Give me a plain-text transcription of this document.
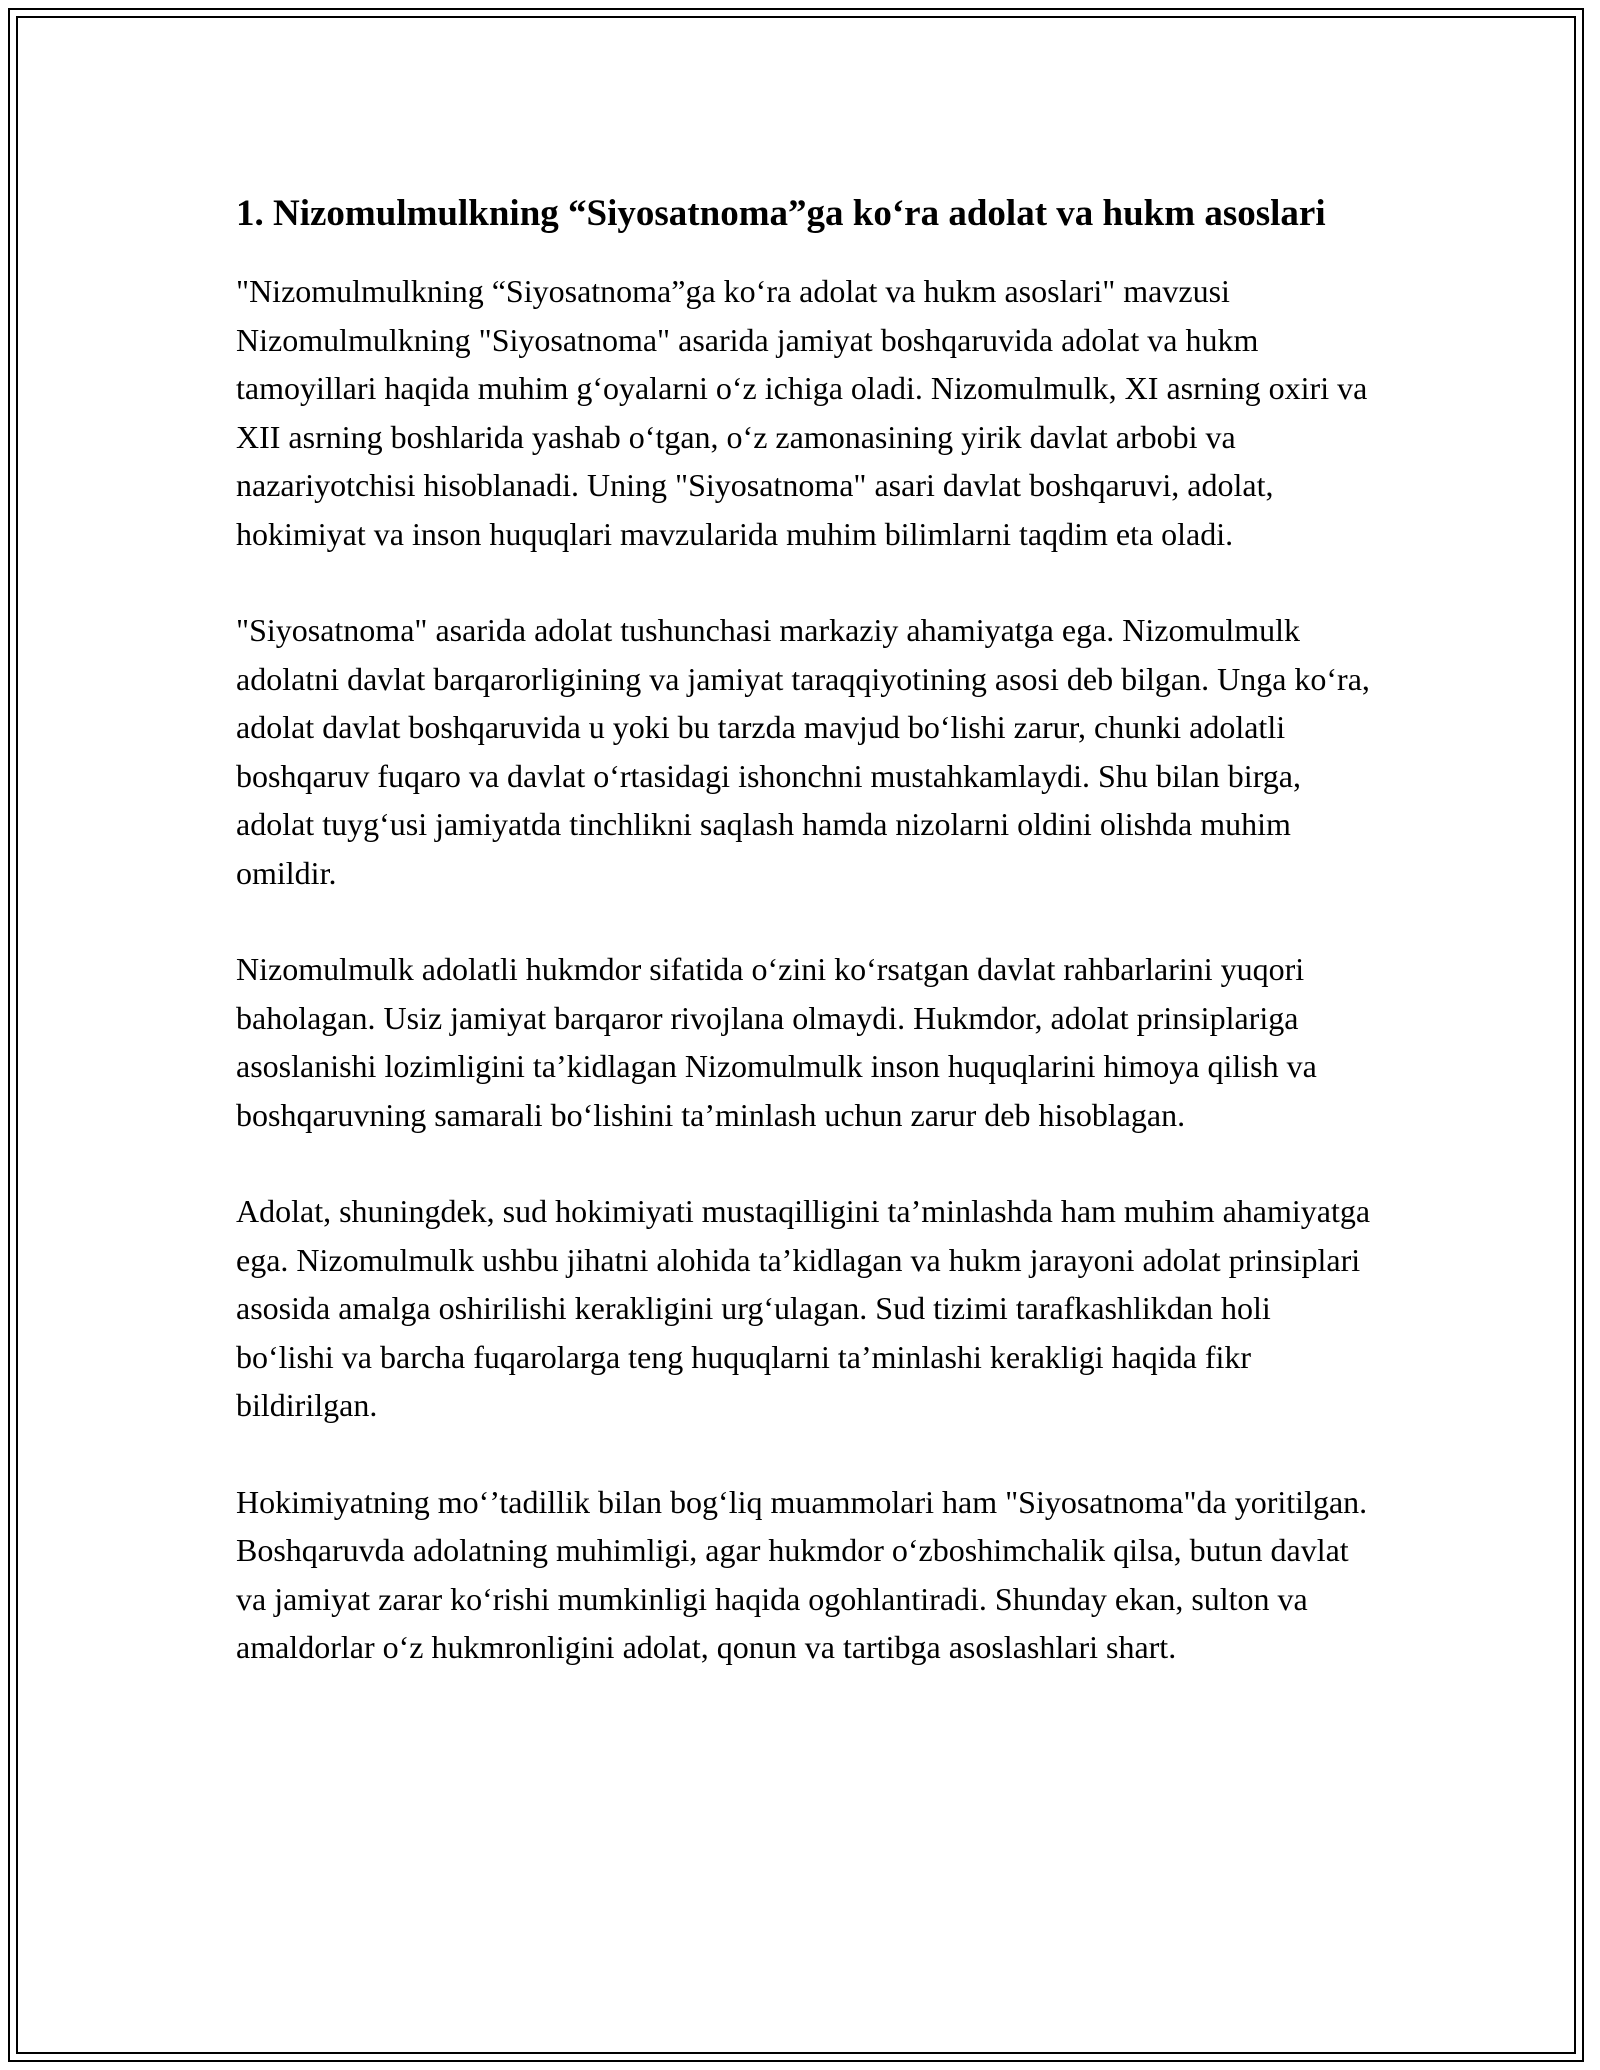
1. Nizomulmulkning “Siyosatnoma”ga ko‘ra adolat va hukm asoslari

"Nizomulmulkning “Siyosatnoma”ga ko‘ra adolat va hukm asoslari" mavzusi Nizomulmulkning "Siyosatnoma" asarida jamiyat boshqaruvida adolat va hukm tamoyillari haqida muhim g‘oyalarni o‘z ichiga oladi. Nizomulmulk, XI asrning oxiri va XII asrning boshlarida yashab o‘tgan, o‘z zamonasining yirik davlat arbobi va nazariyotchisi hisoblanadi. Uning "Siyosatnoma" asari davlat boshqaruvi, adolat, hokimiyat va inson huquqlari mavzularida muhim bilimlarni taqdim eta oladi.

"Siyosatnoma" asarida adolat tushunchasi markaziy ahamiyatga ega. Nizomulmulk adolatni davlat barqarorligining va jamiyat taraqqiyotining asosi deb bilgan. Unga ko‘ra, adolat davlat boshqaruvida u yoki bu tarzda mavjud bo‘lishi zarur, chunki adolatli boshqaruv fuqaro va davlat o‘rtasidagi ishonchni mustahkamlaydi. Shu bilan birga, adolat tuyg‘usi jamiyatda tinchlikni saqlash hamda nizolarni oldini olishda muhim omildir.

Nizomulmulk adolatli hukmdor sifatida o‘zini ko‘rsatgan davlat rahbarlarini yuqori baholagan. Usiz jamiyat barqaror rivojlana olmaydi. Hukmdor, adolat prinsiplariga asoslanishi lozimligini ta’kidlagan Nizomulmulk inson huquqlarini himoya qilish va boshqaruvning samarali bo‘lishini ta’minlash uchun zarur deb hisoblagan.

Adolat, shuningdek, sud hokimiyati mustaqilligini ta’minlashda ham muhim ahamiyatga ega. Nizomulmulk ushbu jihatni alohida ta’kidlagan va hukm jarayoni adolat prinsiplari asosida amalga oshirilishi kerakligini urg‘ulagan. Sud tizimi tarafkashlikdan holi bo‘lishi va barcha fuqarolarga teng huquqlarni ta’minlashi kerakligi haqida fikr bildirilgan.

Hokimiyatning mo‘’tadillik bilan bog‘liq muammolari ham "Siyosatnoma"da yoritilgan. Boshqaruvda adolatning muhimligi, agar hukmdor o‘zboshimchalik qilsa, butun davlat va jamiyat zarar ko‘rishi mumkinligi haqida ogohlantiradi. Shunday ekan, sulton va amaldorlar o‘z hukmronligini adolat, qonun va tartibga asoslashlari shart.
